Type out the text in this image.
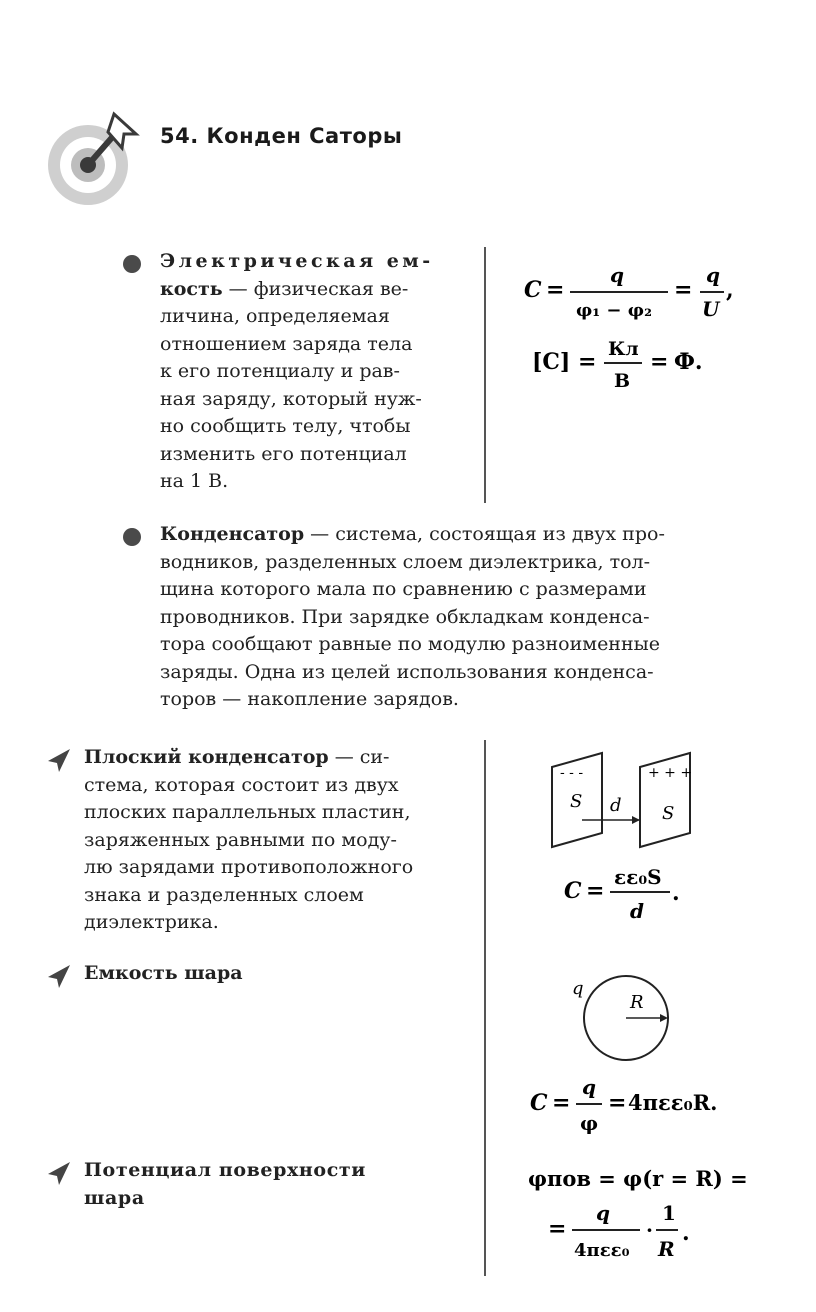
54. Конден Саторы
Электрическая ем-
кость — физическая ве-
личина, определяемая
отношением заряда тела
к его потенциалу и рав-
ная заряду, который нуж-
но сообщить телу, чтобы
изменить его потенциал
на 1 В.
C =
q
φ₁ − φ₂
=
q
U
,
[C] = Кл
В
= Ф.
Конденсатор — система, состоящая из двух про-
водников, разделенных слоем диэлектрика, тол-
щина которого мала по сравнению с размерами
проводников. При зарядке обкладкам конденса-
тора сообщают равные по модулю разноименные
заряды. Одна из целей использования конденса-
торов — накопление зарядов.
Плоский конденсатор — си-
стема, которая состоит из двух
плоских параллельных пластин,
заряженных равными по моду-
лю зарядами противоположного
знака и разделенных слоем
диэлектрика.
- - -	+ + +
S
S
d
C =
εε₀S
d
.
Емкость шара
q
R
C =
q
φ
= 4πεε₀R.
Потенциал поверхности
шара
φпов = φ(r = R) =
=
q
4πεε₀
·
1
R
.
